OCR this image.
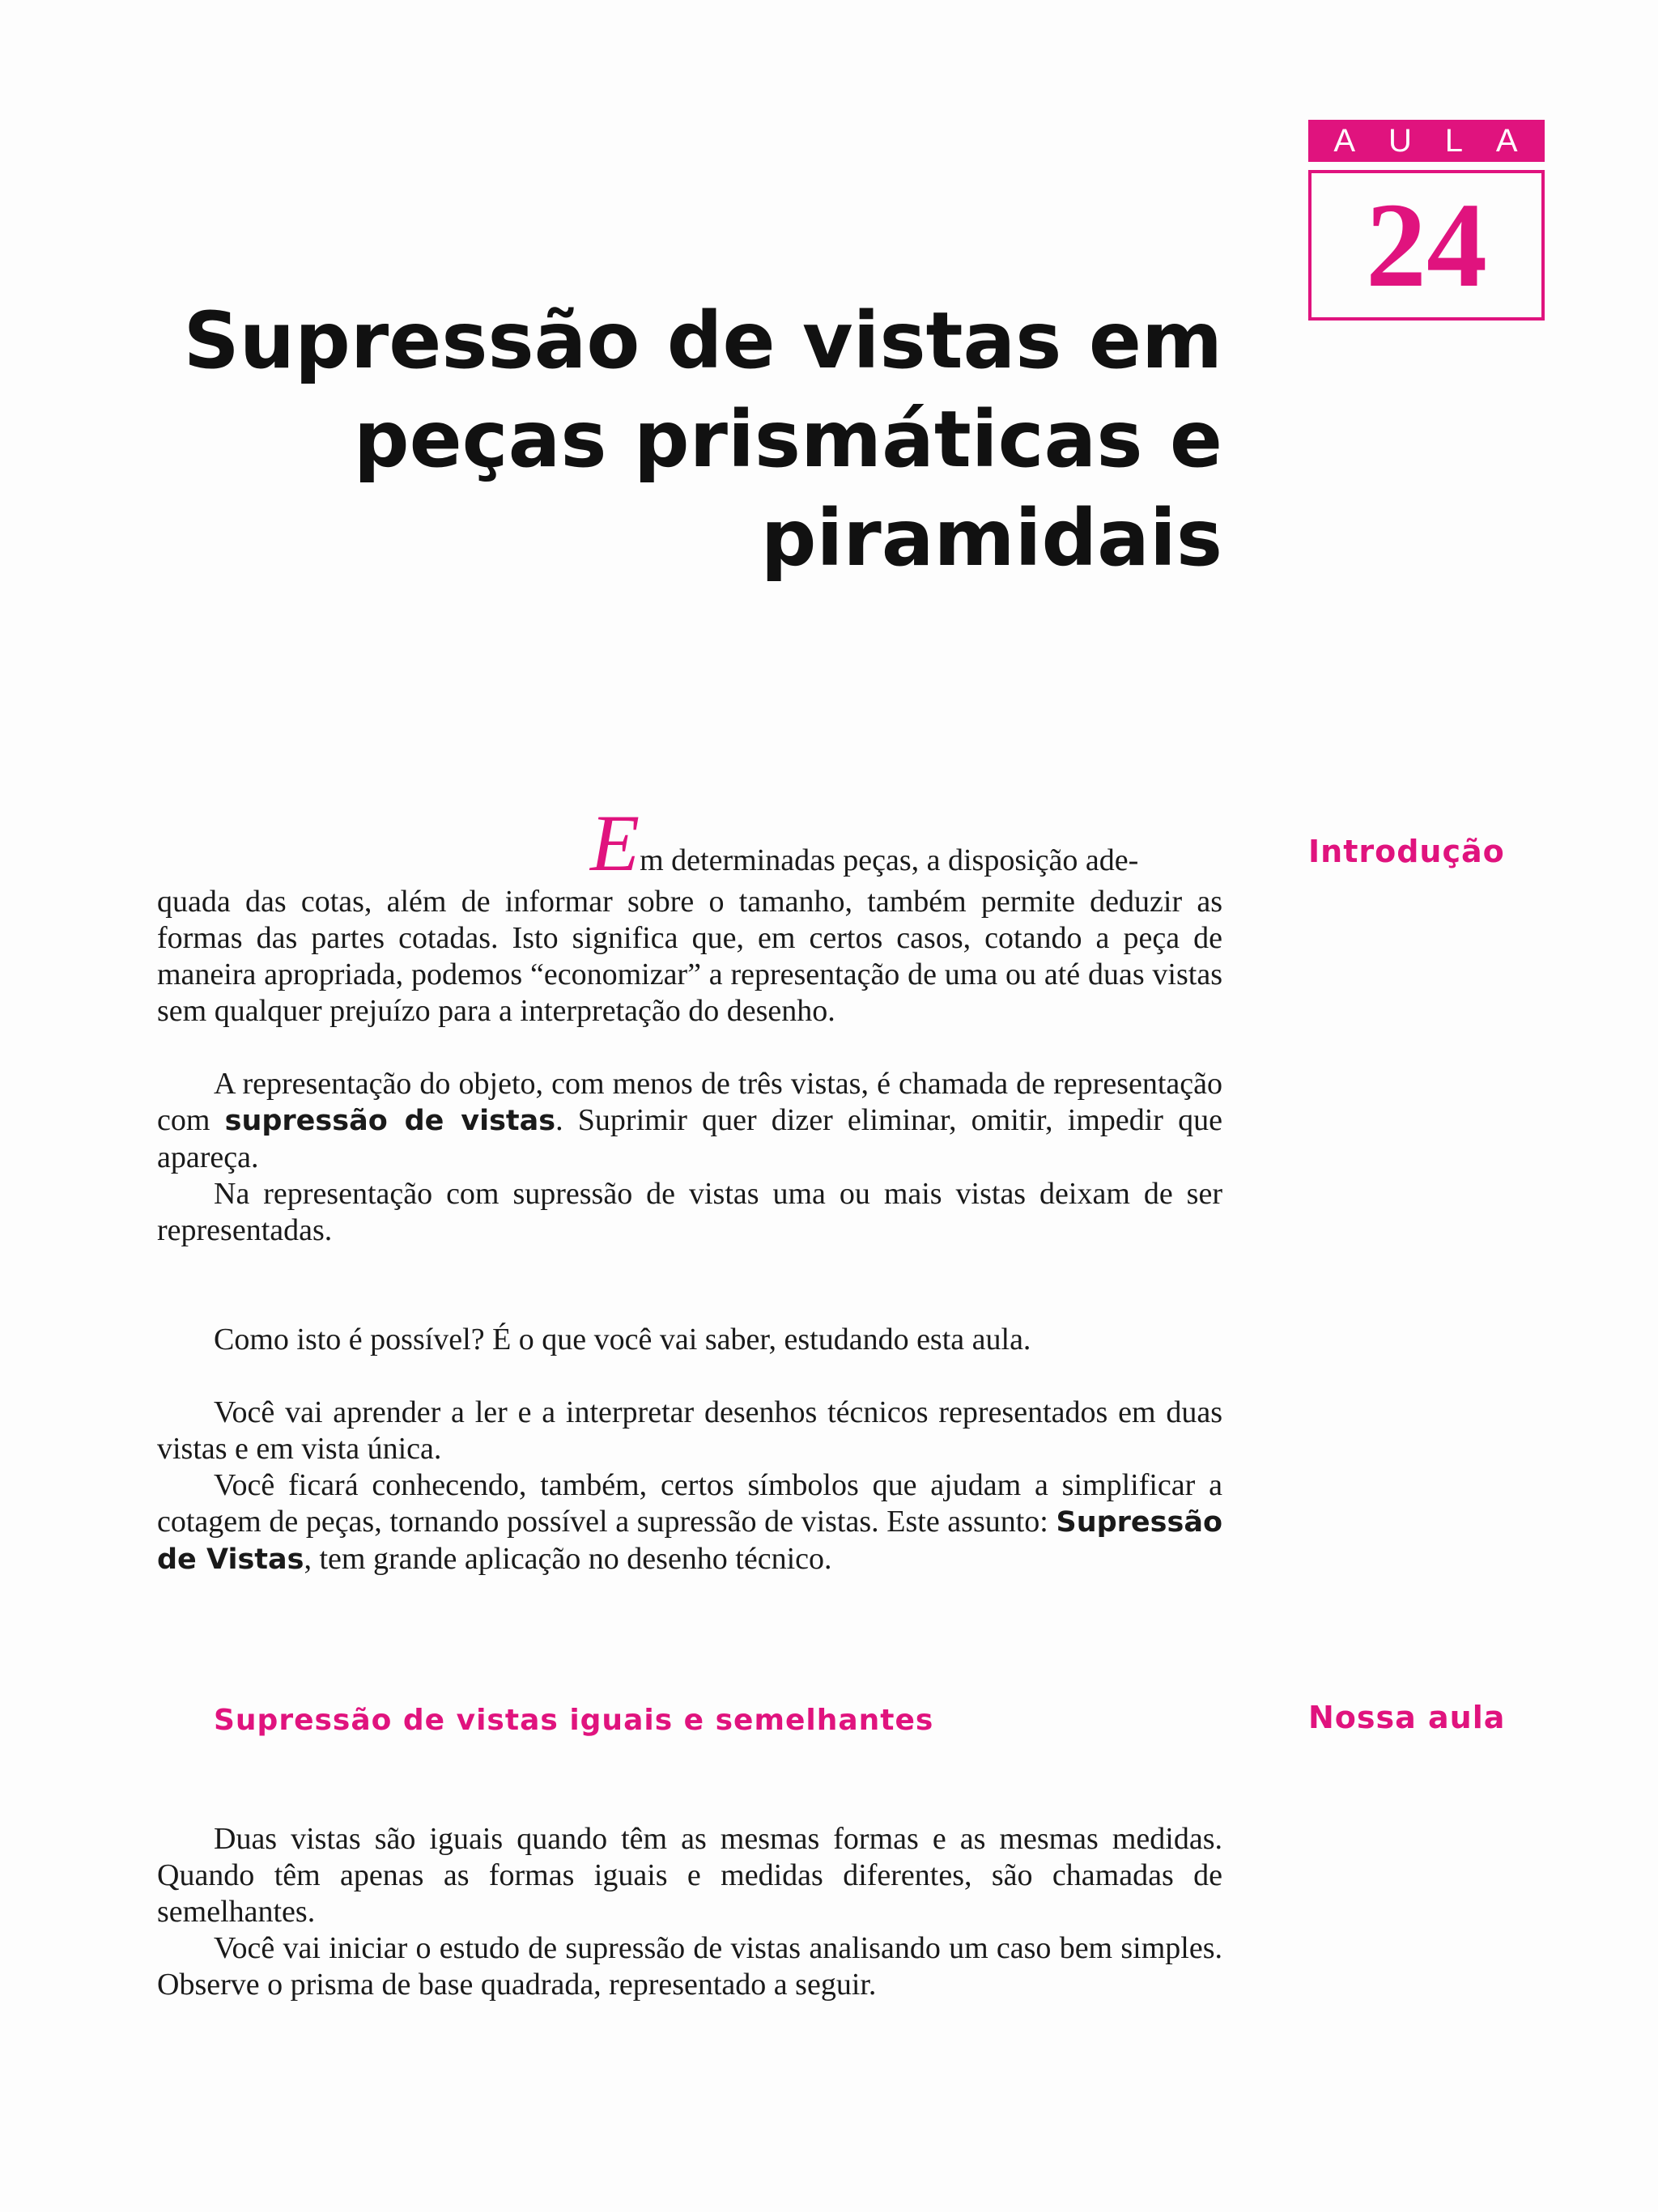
A U L A
24
Supressão de vistas em
peças prismáticas e
piramidais
Introdução
Nossa aula

Em determinadas peças, a disposição ade-

quada das cotas, além de informar sobre o tamanho, também permite deduzir as formas das partes cotadas. Isto significa que, em certos casos, cotando a peça de maneira apropriada, podemos “economizar” a representação de uma ou até duas vistas sem qualquer prejuízo para a interpretação do desenho.

A representação do objeto, com menos de três vistas, é chamada de representação com supressão de vistas. Suprimir quer dizer eliminar, omitir, impedir que apareça.

Na representação com supressão de vistas uma ou mais vistas deixam de ser representadas.

Como isto é possível? É o que você vai saber, estudando esta aula.

Você vai aprender a ler e a interpretar desenhos técnicos representados em duas vistas e em vista única.

Você ficará conhecendo, também, certos símbolos que ajudam a simplificar a cotagem de peças, tornando possível a supressão de vistas. Este assunto: Supressão de Vistas, tem grande aplicação no desenho técnico.

Supressão de vistas iguais e semelhantes

Duas vistas são iguais quando têm as mesmas formas e as mesmas medidas. Quando têm apenas as formas iguais e medidas diferentes, são chamadas de semelhantes.

Você vai iniciar o estudo de supressão de vistas analisando um caso bem simples. Observe o prisma de base quadrada, representado a seguir.
